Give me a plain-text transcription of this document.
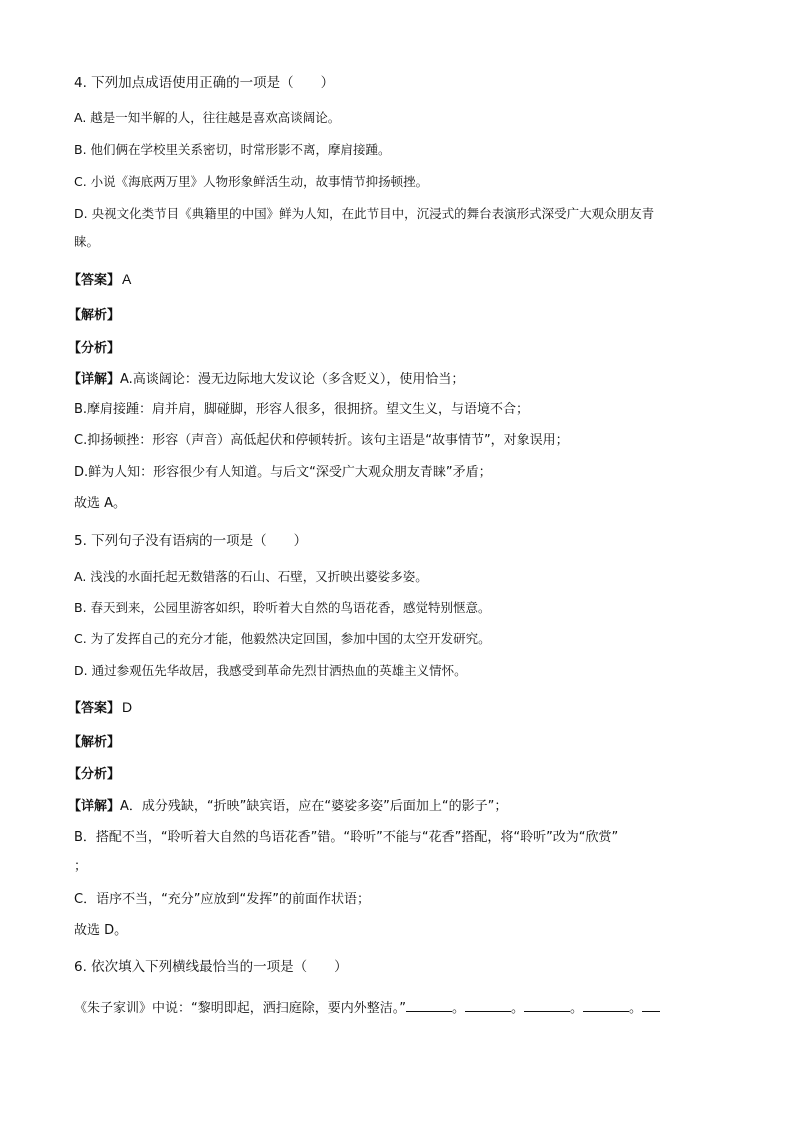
4. 下列加点成语使用正确的一项是（　　）
A. 越是一知半解的人，往往越是喜欢高谈阔论。
B. 他们俩在学校里关系密切，时常形影不离，摩肩接踵。
C. 小说《海底两万里》人物形象鲜活生动，故事情节抑扬顿挫。
D. 央视文化类节目《典籍里的中国》鲜为人知，在此节目中，沉浸式的舞台表演形式深受广大观众朋友青
睐。
【答案】 A
【解析】
【分析】
【详解】A.高谈阔论：漫无边际地大发议论（多含贬义），使用恰当；
B.摩肩接踵：肩并肩，脚碰脚，形容人很多，很拥挤。望文生义，与语境不合；
C.抑扬顿挫：形容（声音）高低起伏和停顿转折。该句主语是“故事情节”，对象误用；
D.鲜为人知：形容很少有人知道。与后文“深受广大观众朋友青睐”矛盾；
故选 A。
5. 下列句子没有语病的一项是（　　）
A. 浅浅的水面托起无数错落的石山、石壁，又折映出婆娑多姿。
B. 春天到来，公园里游客如织，聆听着大自然的鸟语花香，感觉特别惬意。
C. 为了发挥自己的充分才能，他毅然决定回国，参加中国的太空开发研究。
D. 通过参观伍先华故居，我感受到革命先烈甘洒热血的英雄主义情怀。
【答案】 D
【解析】
【分析】
【详解】A．成分残缺，“折映”缺宾语，应在“婆娑多姿”后面加上“的影子”；
B．搭配不当，“聆听着大自然的鸟语花香”错。“聆听”不能与“花香”搭配，将“聆听”改为“欣赏”
；
C．语序不当，“充分”应放到“发挥”的前面作状语；
故选 D。
6. 依次填入下列横线最恰当的一项是（　　）
《朱子家训》中说：“黎明即起，洒扫庭除，要内外整洁。”	。	。	。	。
